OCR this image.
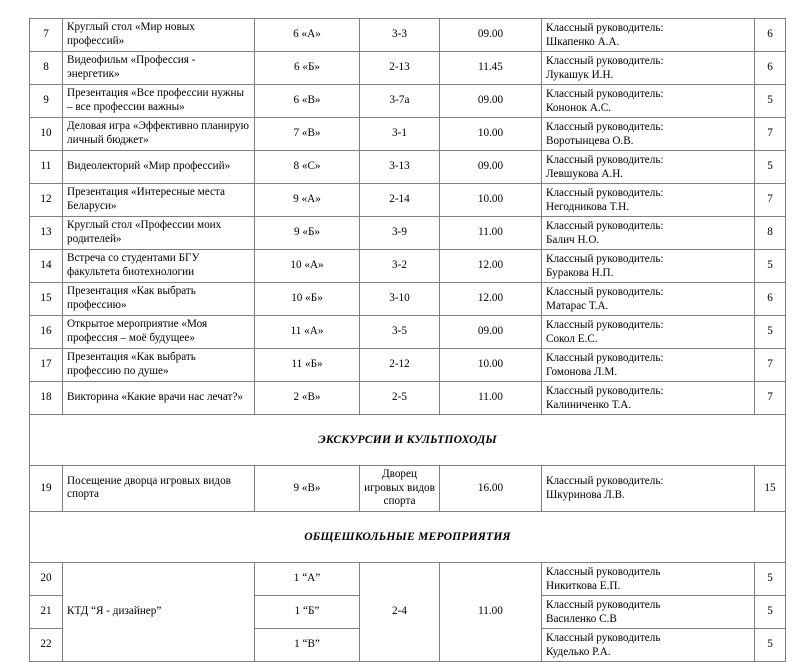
7	Круглый стол «Мир новых профессий»	6 «А»	3-3	09.00	Классный руководитель:
Шкапенко А.А.	6
8	Видеофильм «Профессия - энергетик»	6 «Б»	2-13	11.45	Классный руководитель:
Лукашук И.Н.	6
9	Презентация «Все профессии нужны – все профессии важны»	6 «В»	3-7а	09.00	Классный руководитель:
Кононок А.С.	5
10	Деловая игра «Эффективно планирую личный бюджет»	7 «В»	3-1	10.00	Классный руководитель:
Воротынцева О.В.	7
11	Видеолекторий «Мир профессий»	8 «С»	3-13	09.00	Классный руководитель:
Левшукова А.Н.	5
12	Презентация «Интересные места Беларуси»	9 «А»	2-14	10.00	Классный руководитель:
Негодникова Т.Н.	7
13	Круглый стол «Профессии моих родителей»	9 «Б»	3-9	11.00	Классный руководитель:
Балич Н.О.	8
14	Встреча со студентами БГУ факультета биотехнологии	10 «А»	3-2	12.00	Классный руководитель:
Буракова Н.П.	5
15	Презентация «Как выбрать профессию»	10 «Б»	3-10	12.00	Классный руководитель:
Матарас Т.А.	6
16	Открытое мероприятие «Моя профессия – моё будущее»	11 «А»	3-5	09.00	Классный руководитель:
Сокол Е.С.	5
17	Презентация «Как выбрать профессию по душе»	11 «Б»	2-12	10.00	Классный руководитель:
Гомонова Л.М.	7
18	Викторина «Какие врачи нас лечат?»	2 «В»	2-5	11.00	Классный руководитель:
Калиниченко Т.А.	7
ЭКСКУРСИИ И КУЛЬТПОХОДЫ						
19	Посещение дворца игровых видов спорта	9 «В»	Дворец игровых видов спорта	16.00	Классный руководитель:
Шкуринова Л.В.	15
ОБЩЕШКОЛЬНЫЕ МЕРОПРИЯТИЯ						
20	КТД “Я - дизайнер”	1 “А”	2-4	11.00	Классный руководитель
Никиткова Е.П.	5
21		1 “Б”			Классный руководитель
Василенко С.В	5
22		1 “В”			Классный руководитель
Куделько Р.А.	5
